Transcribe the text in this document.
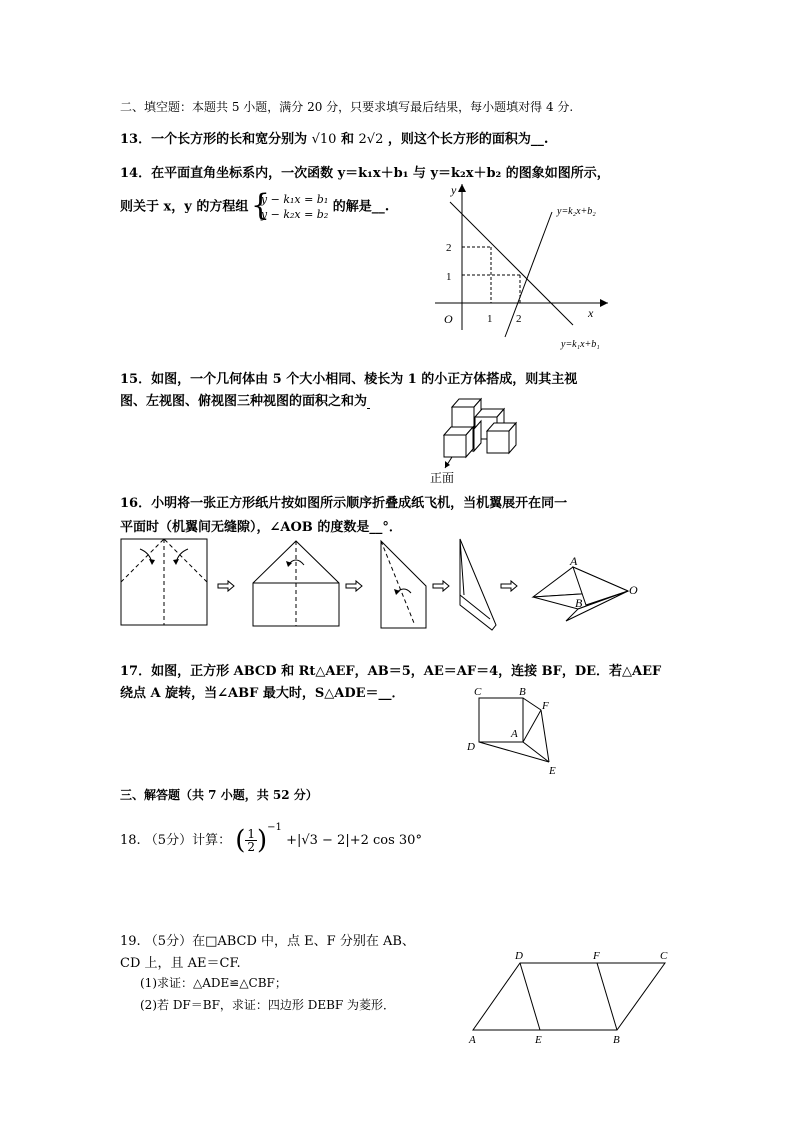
二、填空题：本题共 5 小题，满分 20 分，只要求填写最后结果，每小题填对得 4 分.
13．一个长方形的长和宽分别为 √10 和 2√2 ，则这个长方形的面积为__.
14．在平面直角坐标系内，一次函数 y＝k₁x＋b₁ 与 y＝k₂x＋b₂ 的图象如图所示，
则关于 x，y 的方程组 {
y − k₁x = b₁
y − k₂x = b₂ 的解是__.
y
x
O	1 2
1
2
y=k₂x+b₂
y=k₁x+b₁
15．如图，一个几何体由 5 个大小相同、棱长为 1 的小正方体搭成，则其主视
图、左视图、俯视图三种视图的面积之和为
正面
16．小明将一张正方形纸片按如图所示顺序折叠成纸飞机，当机翼展开在同一
平面时（机翼间无缝隙），∠AOB 的度数是__°．
A
B
O
17．如图，正方形 ABCD 和 Rt△AEF，AB＝5，AE＝AF＝4，连接 BF，DE．若△AEF
绕点 A 旋转，当∠ABF 最大时，S△ADE＝__．	C	B
F
A
D
E
三、解答题（共 7 小题，共 52 分）
18. （5分）计算： ( $\frac{1}{2} )^{-1} +|√3 - 2|+2$ cos 30°
19. （5分）在□ABCD 中，点 E、F 分别在 AB、
CD 上，且 AE＝CF.
(1)求证：△ADE≌△CBF；
(2)若 DF＝BF，求证：四边形 DEBF 为菱形．
D	F	C
A	E	B
